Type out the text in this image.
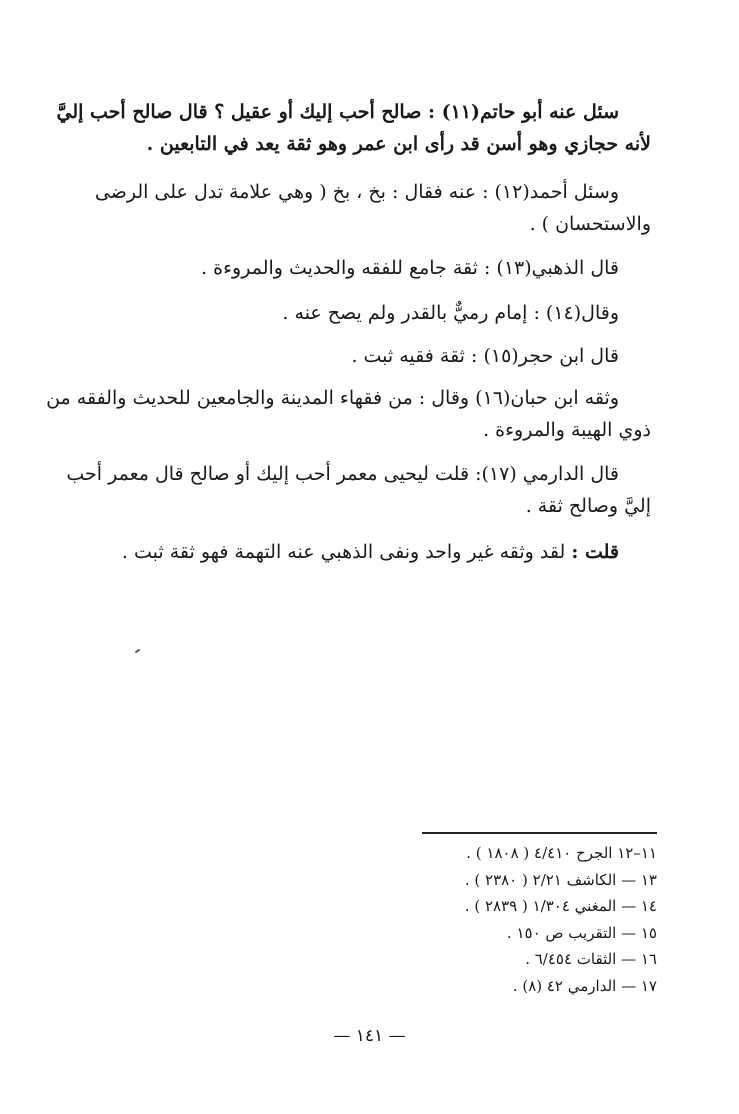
سئل عنه أبو حاتم(١١) : صالح أحب إليك أو عقيل ؟ قال صالح أحب إليَّ
لأنه حجازي وهو أسن قد رأى ابن عمر وهو ثقة يعد في التابعين .
وسئل أحمد(١٢) : عنه فقال : بخ ، بخ ( وهي علامة تدل على الرضى
والاستحسان ) .
قال الذهبي(١٣) : ثقة جامع للفقه والحديث والمروءة .
وقال(١٤) : إمام رميٌّ بالقدر ولم يصح عنه .
قال ابن حجر(١٥) : ثقة فقيه ثبت .
وثقه ابن حبان(١٦) وقال : من فقهاء المدينة والجامعين للحديث والفقه من
ذوي الهيبة والمروءة .
قال الدارمي (١٧): قلت ليحيى معمر أحب إليك أو صالح قال معمر أحب
إليَّ وصالح ثقة .
قلت : لقد وثقه غير واحد ونفى الذهبي عنه التهمة فهو ثقة ثبت .
١١–١٢ الجرح ٤/٤١٠ ( ١٨٠٨ ) .
١٣ — الكاشف ٢/٢١ ( ٢٣٨٠ ) .
١٤ — المغني ١/٣٠٤ ( ٢٨٣٩ ) .
١٥ — التقريب ص ١٥٠ .
١٦ — الثقات ٦/٤٥٤ .
١٧ — الدارمي ٤٢ (٨) .
— ١٤١ —
